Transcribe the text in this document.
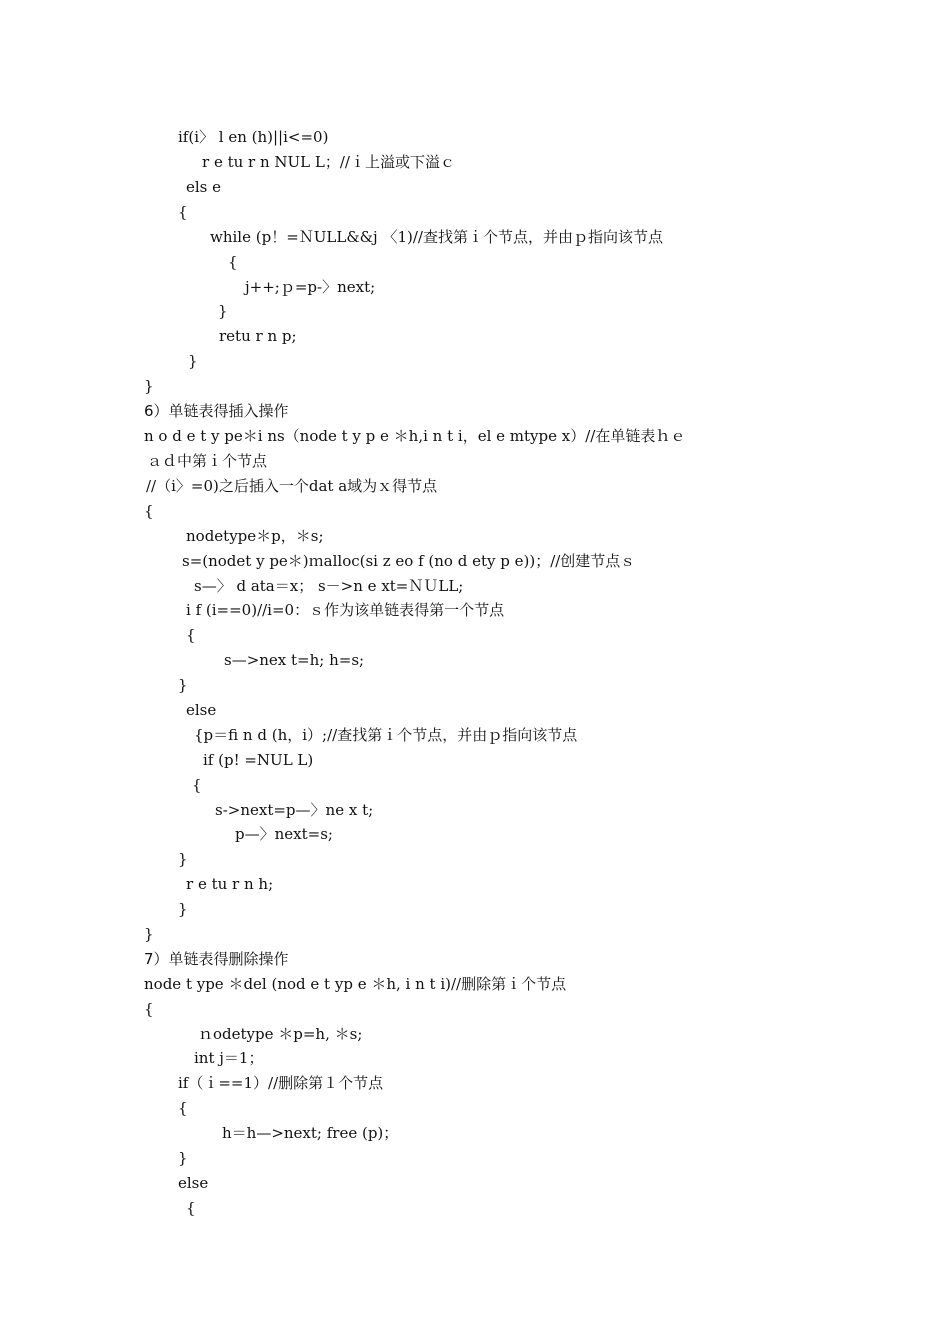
if(i〉 l en (h)||i<=0)
r e tu r n NUL L；//ｉ上溢或下溢ｃ
els e
{
while (p！=ＮULL&&j 〈1)//查找第ｉ个节点，并由ｐ指向该节点
{
j++;ｐ=p-〉next;
}
retu r n p;
}
}
6）单链表得插入操作
n o d e t y pe＊i ns（node t y p e ＊h,i n t i，el e mtype x）//在单链表ｈｅ
ａｄ中第ｉ个节点
//（i〉=0)之后插入一个dat a域为ｘ得节点
{
nodetype＊p，＊s;
s=(nodet y pe＊)ｍalloc(si z eo f (no d ety p e))；//创建节点ｓ
s—〉 d ata＝x； s－>n e xt=ＮＵLL;
i f (i==0)//i=0：ｓ作为该单链表得第一个节点
{
s—>nex t=h; h=s;
}
else
{p＝fi n d (h，i）;//查找第ｉ个节点，并由ｐ指向该节点
if (p! =NUL L)
{
s->next=p—〉ne x t;
p—〉next=s;
}
r e tu r n h;
}
}
7）单链表得删除操作
node t ype ＊del (nod e t yp e ＊h, i n t i)//删除第ｉ个节点
{
ｎodetype ＊p=h, ＊s;
int j＝1；
if（ｉ==1）//删除第１个节点
{
h＝h—>next; free (p)；
}
else
{
